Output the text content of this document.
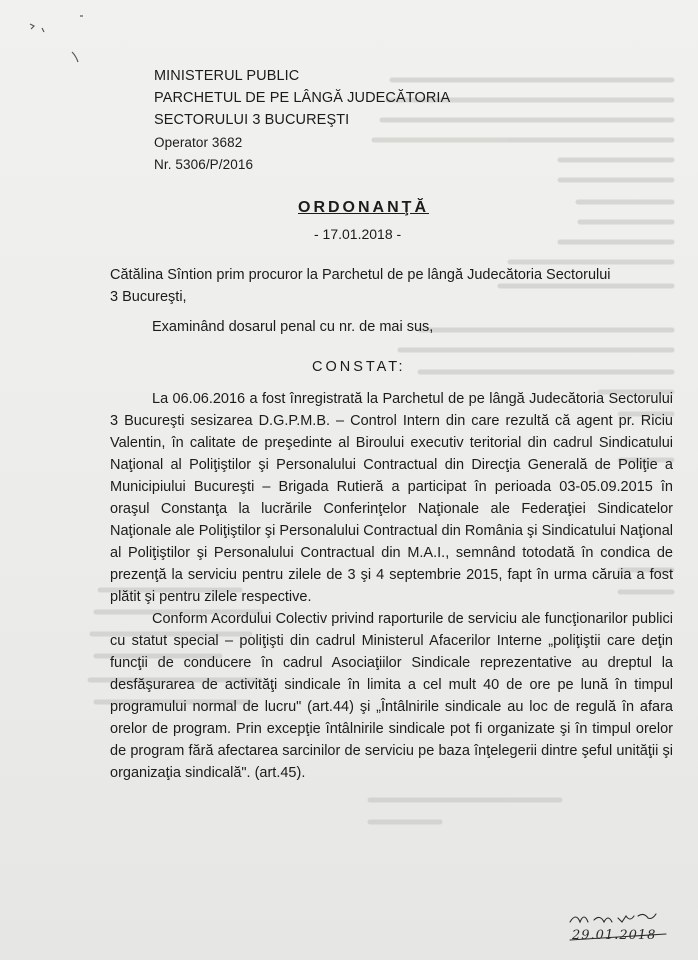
MINISTERUL PUBLIC
PARCHETUL DE PE LÂNGĂ JUDECĂTORIA
SECTORULUI 3 BUCUREŞTI
Operator 3682
Nr. 5306/P/2016
ORDONANŢĂ
- 17.01.2018 -
Cătălina Sîntion prim procuror la Parchetul de pe lângă Judecătoria Sectorului
3 Bucureşti,
Examinând dosarul penal cu nr. de mai sus,
CONSTAT:
La 06.06.2016 a fost înregistrată la Parchetul de pe lângă Judecătoria Sectorului 3 Bucureşti sesizarea D.G.P.M.B. – Control Intern din care rezultă că agent pr. Riciu Valentin, în calitate de preşedinte al Biroului executiv teritorial din cadrul Sindicatului Naţional al Poliţiştilor şi Personalului Contractual din Direcţia Generală de Poliţie a Municipiului Bucureşti – Brigada Rutieră a participat în perioada 03-05.09.2015 în oraşul Constanţa la lucrările Conferinţelor Naţionale ale Federaţiei Sindicatelor Naţionale ale Poliţiştilor şi Personalului Contractual din România şi Sindicatului Naţional al Poliţiştilor şi Personalului Contractual din M.A.I., semnând totodată în condica de prezenţă la serviciu pentru zilele de 3 şi 4 septembrie 2015, fapt în urma căruia a fost plătit şi pentru zilele respective.
Conform Acordului Colectiv privind raporturile de serviciu ale funcţionarilor publici cu statut special – poliţişti din cadrul Ministerul Afacerilor Interne „poliţiştii care deţin funcţii de conducere în cadrul Asociaţiilor Sindicale reprezentative au dreptul la desfăşurarea de activităţi sindicale în limita a cel mult 40 de ore pe lună în timpul programului normal de lucru" (art.44) şi „Întâlnirile sindicale au loc de regulă în afara orelor de program. Prin excepţie întâlnirile sindicale pot fi organizate şi în timpul orelor de program fără afectarea sarcinilor de serviciu pe baza înţelegerii dintre şeful unităţii şi organizaţia sindicală". (art.45).
29.01.2018
